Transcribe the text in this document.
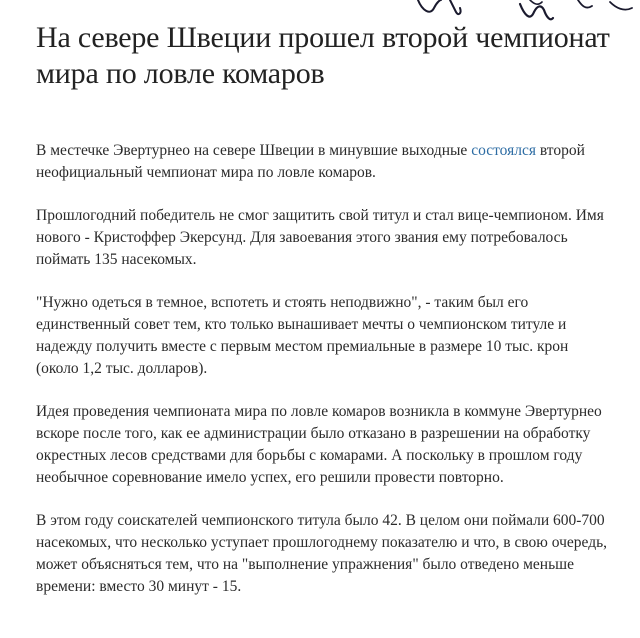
На севере Швеции прошел второй чемпионат мира по ловле комаров

В местечке Эвертурнео на севере Швеции в минувшие выходные состоялся второй неофициальный чемпионат мира по ловле комаров.

Прошлогодний победитель не смог защитить свой титул и стал вице-чемпионом. Имя нового - Кристоффер Экерсунд. Для завоевания этого звания ему потребовалось поймать 135 насекомых.

"Нужно одеться в темное, вспотеть и стоять неподвижно", - таким был его единственный совет тем, кто только вынашивает мечты о чемпионском титуле и надежду получить вместе с первым местом премиальные в размере 10 тыс. крон (около 1,2 тыс. долларов).

Идея проведения чемпионата мира по ловле комаров возникла в коммуне Эвертурнео вскоре после того, как ее администрации было отказано в разрешении на обработку окрестных лесов средствами для борьбы с комарами. А поскольку в прошлом году необычное соревнование имело успех, его решили провести повторно.

В этом году соискателей чемпионского титула было 42. В целом они поймали 600-700 насекомых, что несколько уступает прошлогоднему показателю и что, в свою очередь, может объясняться тем, что на "выполнение упражнения" было отведено меньше времени: вместо 30 минут - 15.
